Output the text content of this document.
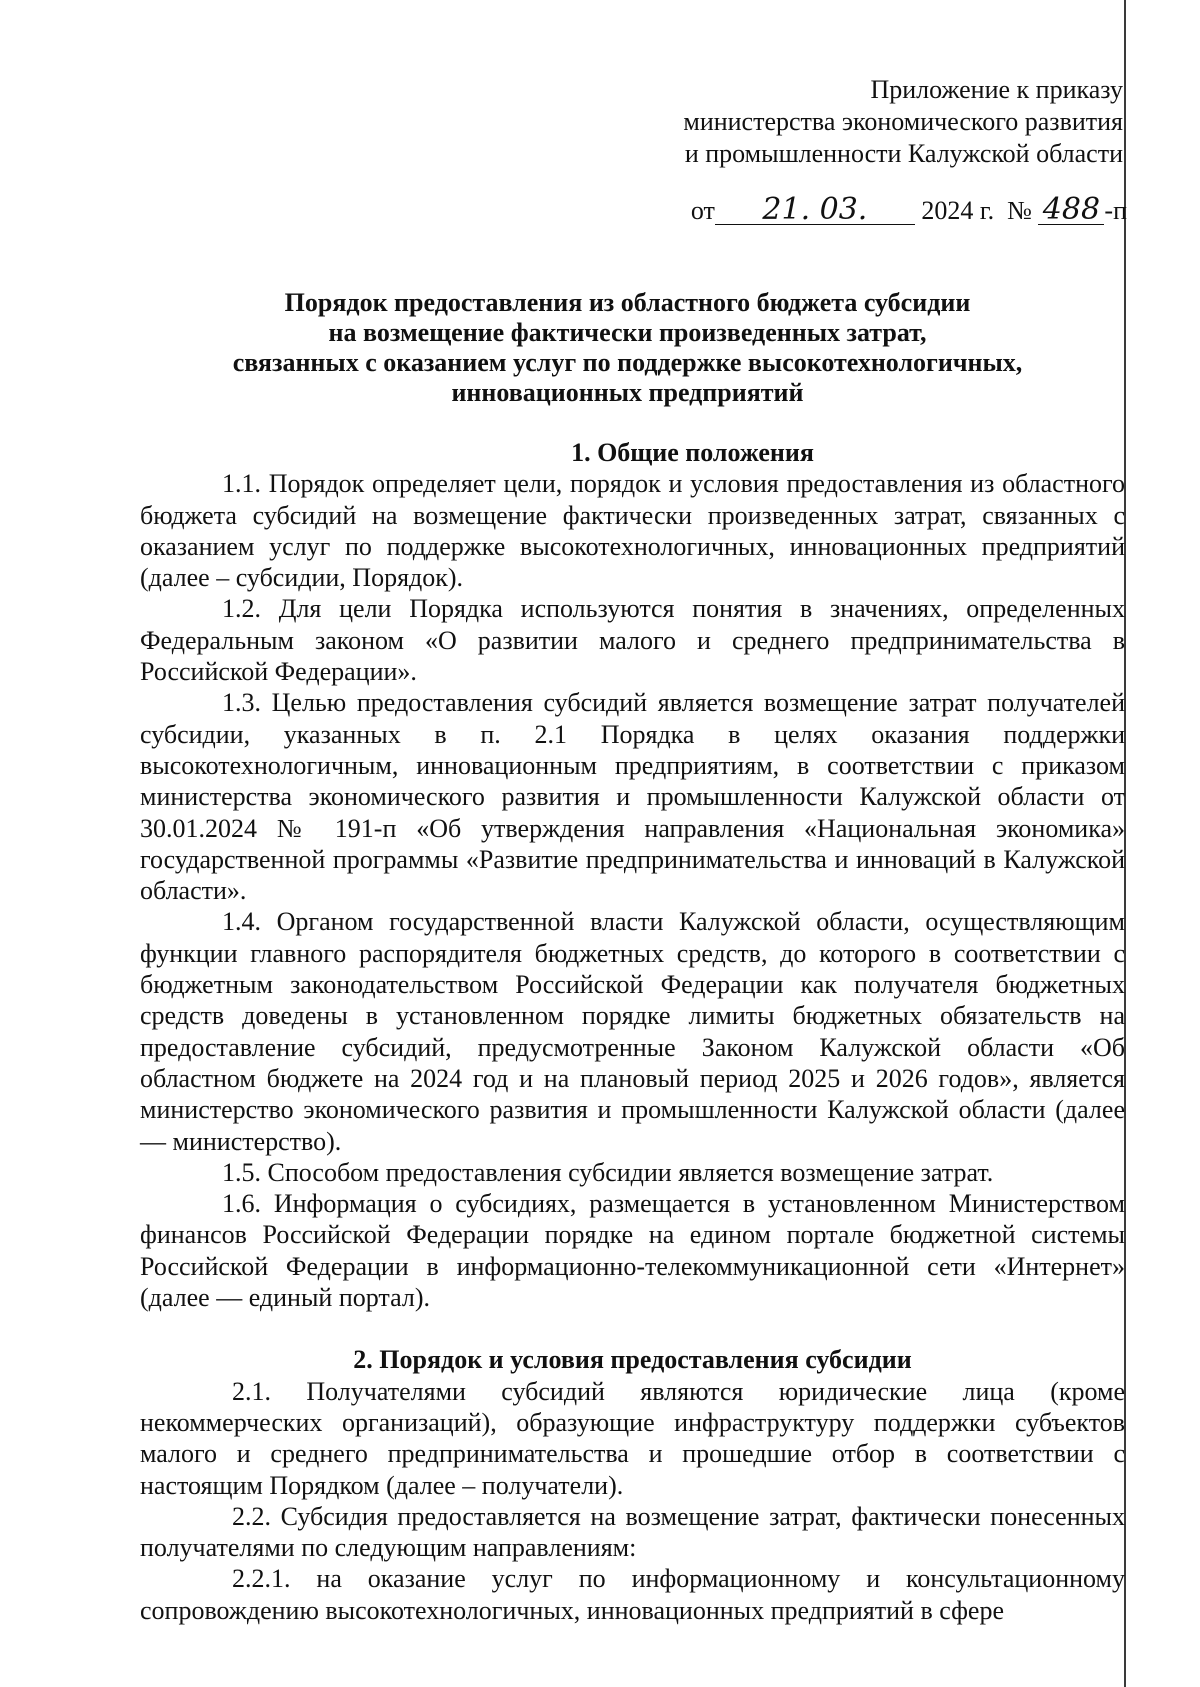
Приложение к приказу
министерства экономического развития
и промышленности Калужской области
от 21. 03. 2024 г. № 488 -п
Порядок предоставления из областного бюджета субсидии
на возмещение фактически произведенных затрат,
связанных с оказанием услуг по поддержке высокотехнологичных,
инновационных предприятий
1. Общие положения

1.1. Порядок определяет цели, порядок и условия предоставления из областного бюджета субсидий на возмещение фактически произведенных затрат, связанных с оказанием услуг по поддержке высокотехнологичных, инновационных предприятий (далее – субсидии, Порядок).

1.2. Для цели Порядка используются понятия в значениях, определенных Федеральным законом «О развитии малого и среднего предпринимательства в Российской Федерации».

1.3. Целью предоставления субсидий является возмещение затрат получателей субсидии, указанных в п. 2.1 Порядка в целях оказания поддержки высокотехнологичным, инновационным предприятиям, в соответствии с приказом министерства экономического развития и промышленности Калужской области от 30.01.2024 № 191-п «Об утверждения направления «Национальная экономика» государственной программы «Развитие предпринимательства и инноваций в Калужской области».

1.4. Органом государственной власти Калужской области, осуществляющим функции главного распорядителя бюджетных средств, до которого в соответствии с бюджетным законодательством Российской Федерации как получателя бюджетных средств доведены в установленном порядке лимиты бюджетных обязательств на предоставление субсидий, предусмотренные Законом Калужской области «Об областном бюджете на 2024 год и на плановый период 2025 и 2026 годов», является министерство экономического развития и промышленности Калужской области (далее — министерство).

1.5. Способом предоставления субсидии является возмещение затрат.

1.6. Информация о субсидиях, размещается в установленном Министерством финансов Российской Федерации порядке на едином портале бюджетной системы Российской Федерации в информационно-телекоммуникационной сети «Интернет» (далее — единый портал).

2. Порядок и условия предоставления субсидии

2.1. Получателями субсидий являются юридические лица (кроме некоммерческих организаций), образующие инфраструктуру поддержки субъектов малого и среднего предпринимательства и прошедшие отбор в соответствии с настоящим Порядком (далее – получатели).

2.2. Субсидия предоставляется на возмещение затрат, фактически понесенных получателями по следующим направлениям:

2.2.1. на оказание услуг по информационному и консультационному сопровождению высокотехнологичных, инновационных предприятий в сфере
